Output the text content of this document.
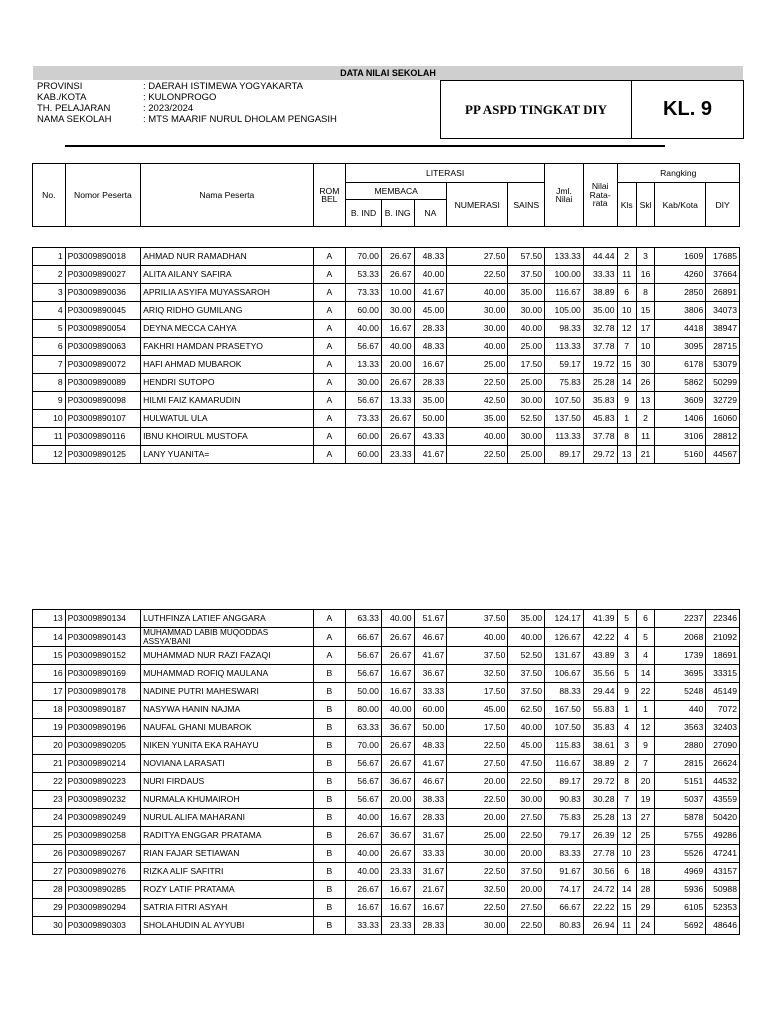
DATA NILAI SEKOLAH
PROVINSI	: DAERAH ISTIMEWA YOGYAKARTA
KAB./KOTA	: KULONPROGO
TH. PELAJARAN	: 2023/2024
NAMA SEKOLAH	: MTS MAARIF NURUL DHOLAM PENGASIH
PP ASPD TINGKAT DIY	KL. 9
No.	Nomor Peserta	Nama Peserta	ROM BEL	LITERASI					Jml. Nilai	Nilai Rata- rata	Rangking			
				MEMBACA			NUMERASI	SAINS			Kls	Skl	Kab/Kota	DIY
				B. IND	B. ING	NA								
1	P03009890018	AHMAD NUR RAMADHAN	A	70.00	26.67	48.33	27.50	57.50	133.33	44.44	2	3	1609	17685
2	P03009890027	ALITA AILANY SAFIRA	A	53.33	26.67	40.00	22.50	37.50	100.00	33.33	11	16	4260	37664
3	P03009890036	APRILIA ASYIFA MUYASSAROH	A	73.33	10.00	41.67	40.00	35.00	116.67	38.89	6	8	2850	26891
4	P03009890045	ARIQ RIDHO GUMILANG	A	60.00	30.00	45.00	30.00	30.00	105.00	35.00	10	15	3806	34073
5	P03009890054	DEYNA MECCA CAHYA	A	40.00	16.67	28.33	30.00	40.00	98.33	32.78	12	17	4418	38947
6	P03009890063	FAKHRI HAMDAN PRASETYO	A	56.67	40.00	48.33	40.00	25.00	113.33	37.78	7	10	3095	28715
7	P03009890072	HAFI AHMAD MUBAROK	A	13.33	20.00	16.67	25.00	17.50	59.17	19.72	15	30	6178	53079
8	P03009890089	HENDRI SUTOPO	A	30.00	26.67	28.33	22.50	25.00	75.83	25.28	14	26	5862	50299
9	P03009890098	HILMI FAIZ KAMARUDIN	A	56.67	13.33	35.00	42.50	30.00	107.50	35.83	9	13	3609	32729
10	P03009890107	HULWATUL ULA	A	73.33	26.67	50.00	35.00	52.50	137.50	45.83	1	2	1406	16060
11	P03009890116	IBNU KHOIRUL MUSTOFA	A	60.00	26.67	43.33	40.00	30.00	113.33	37.78	8	11	3106	28812
12	P03009890125	LANY YUANITA=	A	60.00	23.33	41.67	22.50	25.00	89.17	29.72	13	21	5160	44567
13	P03009890134	LUTHFINZA LATIEF ANGGARA	A	63.33	40.00	51.67	37.50	35.00	124.17	41.39	5	6	2237	22346
14	P03009890143	MUHAMMAD LABIB MUQODDAS ASSYA'BANI	A	66.67	26.67	46.67	40.00	40.00	126.67	42.22	4	5	2068	21092
15	P03009890152	MUHAMMAD NUR RAZI FAZAQI	A	56.67	26.67	41.67	37.50	52.50	131.67	43.89	3	4	1739	18691
16	P03009890169	MUHAMMAD ROFIQ MAULANA	B	56.67	16.67	36.67	32.50	37.50	106.67	35.56	5	14	3695	33315
17	P03009890178	NADINE PUTRI MAHESWARI	B	50.00	16.67	33.33	17.50	37.50	88.33	29.44	9	22	5248	45149
18	P03009890187	NASYWA HANIN NAJMA	B	80.00	40.00	60.00	45.00	62.50	167.50	55.83	1	1	440	7072
19	P03009890196	NAUFAL GHANI MUBAROK	B	63.33	36.67	50.00	17.50	40.00	107.50	35.83	4	12	3563	32403
20	P03009890205	NIKEN YUNITA EKA RAHAYU	B	70.00	26.67	48.33	22.50	45.00	115.83	38.61	3	9	2880	27090
21	P03009890214	NOVIANA LARASATI	B	56.67	26.67	41.67	27.50	47.50	116.67	38.89	2	7	2815	26624
22	P03009890223	NURI FIRDAUS	B	56.67	36.67	46.67	20.00	22.50	89.17	29.72	8	20	5151	44532
23	P03009890232	NURMALA KHUMAIROH	B	56.67	20.00	38.33	22.50	30.00	90.83	30.28	7	19	5037	43559
24	P03009890249	NURUL ALIFA MAHARANI	B	40.00	16.67	28.33	20.00	27.50	75.83	25.28	13	27	5878	50420
25	P03009890258	RADITYA ENGGAR PRATAMA	B	26.67	36.67	31.67	25.00	22.50	79.17	26.39	12	25	5755	49286
26	P03009890267	RIAN FAJAR SETIAWAN	B	40.00	26.67	33.33	30.00	20.00	83.33	27.78	10	23	5526	47241
27	P03009890276	RIZKA ALIF SAFITRI	B	40.00	23.33	31.67	22.50	37.50	91.67	30.56	6	18	4969	43157
28	P03009890285	ROZY LATIF PRATAMA	B	26.67	16.67	21.67	32.50	20.00	74.17	24.72	14	28	5936	50988
29	P03009890294	SATRIA FITRI ASYAH	B	16.67	16.67	16.67	22.50	27.50	66.67	22.22	15	29	6105	52353
30	P03009890303	SHOLAHUDIN AL AYYUBI	B	33.33	23.33	28.33	30.00	22.50	80.83	26.94	11	24	5692	48646
